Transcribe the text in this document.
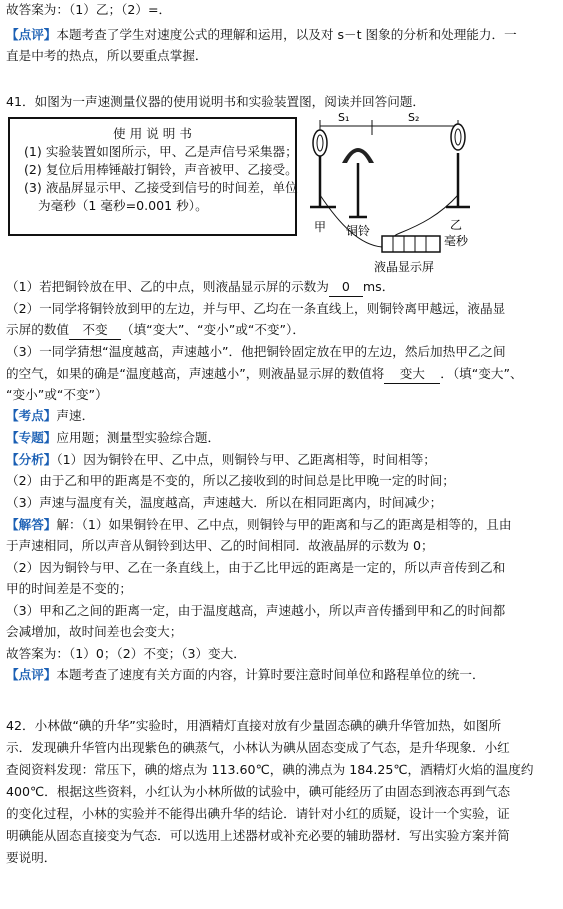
故答案为：（1）乙；（2）=．
【点评】本题考查了学生对速度公式的理解和运用，以及对 s－t 图象的分析和处理能力．一
直是中考的热点，所以要重点掌握．
41．如图为一声速测量仪器的使用说明书和实验装置图，阅读并回答问题．
使 用 说 明 书
(1) 实验装置如图所示，甲、乙是声信号采集器；
(2) 复位后用棒锤敲打铜铃，声音被甲、乙接受。
(3) 液晶屏显示甲、乙接受到信号的时间差，单位
为毫秒（1 毫秒=0.001 秒）。
S₁	S₂
甲 铜铃	乙
毫秒
液晶显示屏
（1）若把铜铃放在甲、乙的中点，则液晶显示屏的示数为 0 ms．
（2）一同学将铜铃放到甲的左边，并与甲、乙均在一条直线上，则铜铃离甲越远，液晶显
示屏的数值 不变 （填“变大”、“变小”或“不变”）．
（3）一同学猜想“温度越高，声速越小”．他把铜铃固定放在甲的左边，然后加热甲乙之间
的空气，如果的确是“温度越高，声速越小”，则液晶显示屏的数值将 变大 ．（填“变大”、
“变小”或“不变”）
【考点】声速．
【专题】应用题；测量型实验综合题．
【分析】（1）因为铜铃在甲、乙中点，则铜铃与甲、乙距离相等，时间相等；
（2）由于乙和甲的距离是不变的，所以乙接收到的时间总是比甲晚一定的时间；
（3）声速与温度有关，温度越高，声速越大．所以在相同距离内，时间减少；
【解答】解：（1）如果铜铃在甲、乙中点，则铜铃与甲的距离和与乙的距离是相等的，且由
于声速相同，所以声音从铜铃到达甲、乙的时间相同．故液晶屏的示数为 0；
（2）因为铜铃与甲、乙在一条直线上，由于乙比甲远的距离是一定的，所以声音传到乙和
甲的时间差是不变的；
（3）甲和乙之间的距离一定，由于温度越高，声速越小，所以声音传播到甲和乙的时间都
会减增加，故时间差也会变大；
故答案为：（1）0；（2）不变；（3）变大．
【点评】本题考查了速度有关方面的内容，计算时要注意时间单位和路程单位的统一．
42．小林做“碘的升华”实验时，用酒精灯直接对放有少量固态碘的碘升华管加热，如图所
示．发现碘升华管内出现紫色的碘蒸气，小林认为碘从固态变成了气态，是升华现象．小红
查阅资料发现：常压下，碘的熔点为 113.60℃，碘的沸点为 184.25℃，酒精灯火焰的温度约
400℃．根据这些资料，小红认为小林所做的试验中，碘可能经历了由固态到液态再到气态
的变化过程，小林的实验并不能得出碘升华的结论．请针对小红的质疑，设计一个实验，证
明碘能从固态直接变为气态．可以选用上述器材或补充必要的辅助器材．写出实验方案并简
要说明．
